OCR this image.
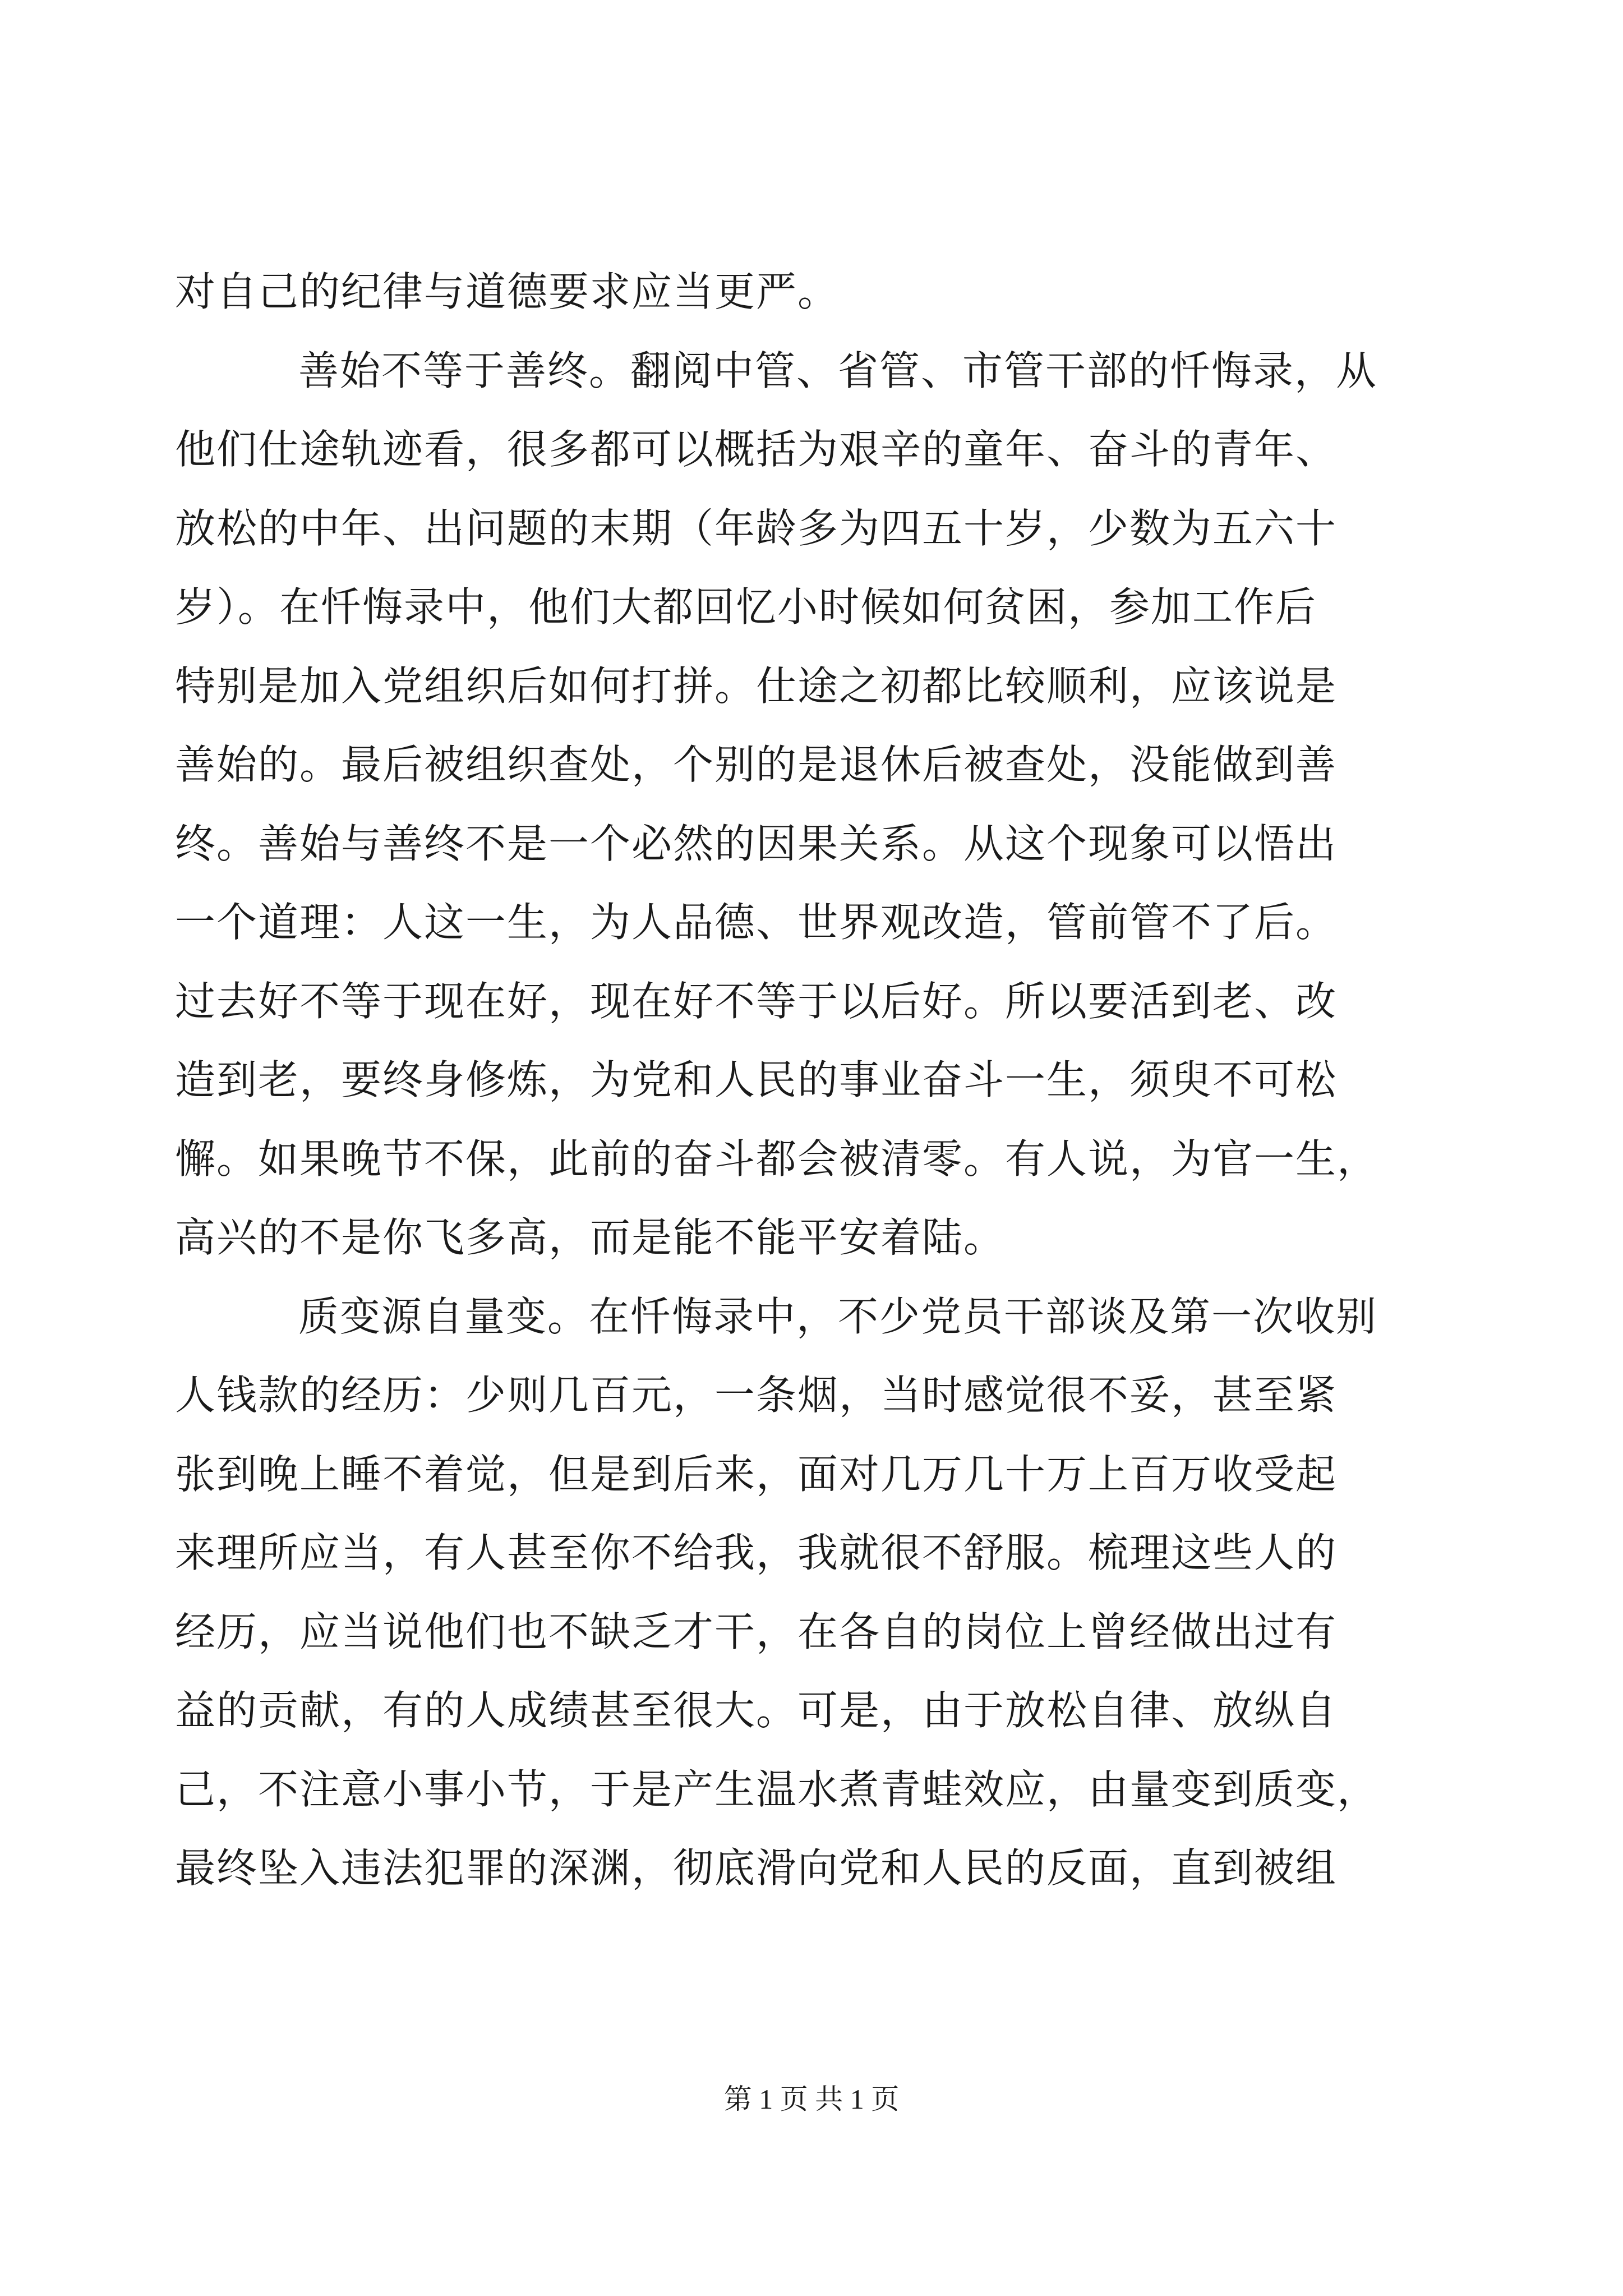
对自己的纪律与道德要求应当更严。
善始不等于善终。翻阅中管、省管、市管干部的忏悔录，从
他们仕途轨迹看，很多都可以概括为艰辛的童年、奋斗的青年、
放松的中年、出问题的末期（年龄多为四五十岁，少数为五六十
岁）。在忏悔录中，他们大都回忆小时候如何贫困，参加工作后
特别是加入党组织后如何打拼。仕途之初都比较顺利，应该说是
善始的。最后被组织查处，个别的是退休后被查处，没能做到善
终。善始与善终不是一个必然的因果关系。从这个现象可以悟出
一个道理：人这一生，为人品德、世界观改造，管前管不了后。
过去好不等于现在好，现在好不等于以后好。所以要活到老、改
造到老，要终身修炼，为党和人民的事业奋斗一生，须臾不可松
懈。如果晚节不保，此前的奋斗都会被清零。有人说，为官一生，
高兴的不是你飞多高，而是能不能平安着陆。
质变源自量变。在忏悔录中，不少党员干部谈及第一次收别
人钱款的经历：少则几百元，一条烟，当时感觉很不妥，甚至紧
张到晚上睡不着觉，但是到后来，面对几万几十万上百万收受起
来理所应当，有人甚至你不给我，我就很不舒服。梳理这些人的
经历，应当说他们也不缺乏才干，在各自的岗位上曾经做出过有
益的贡献，有的人成绩甚至很大。可是，由于放松自律、放纵自
己，不注意小事小节，于是产生温水煮青蛙效应，由量变到质变，
最终坠入违法犯罪的深渊，彻底滑向党和人民的反面，直到被组
第 1 页 共 1 页
